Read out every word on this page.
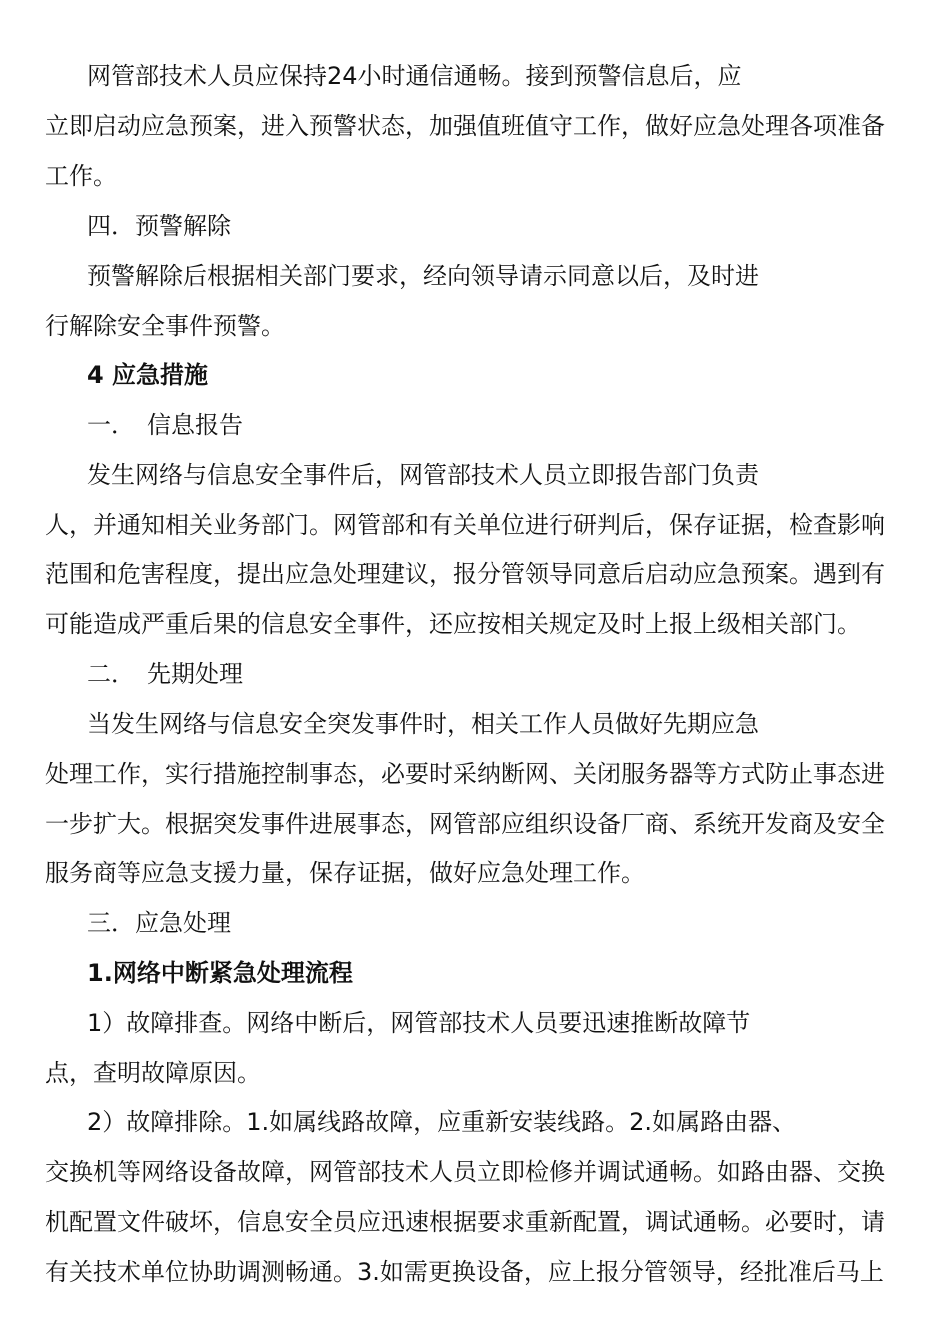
网管部技术人员应保持24小时通信通畅。接到预警信息后，应
立即启动应急预案，进入预警状态，加强值班值守工作，做好应急处理各项准备
工作。
四．预警解除
预警解除后根据相关部门要求，经向领导请示同意以后，及时进
行解除安全事件预警。
4 应急措施
一．　信息报告
发生网络与信息安全事件后，网管部技术人员立即报告部门负责
人，并通知相关业务部门。网管部和有关单位进行研判后，保存证据，检查影响
范围和危害程度，提出应急处理建议，报分管领导同意后启动应急预案。遇到有
可能造成严重后果的信息安全事件，还应按相关规定及时上报上级相关部门。
二．　先期处理
当发生网络与信息安全突发事件时，相关工作人员做好先期应急
处理工作，实行措施控制事态，必要时采纳断网、关闭服务器等方式防止事态进
一步扩大。根据突发事件进展事态，网管部应组织设备厂商、系统开发商及安全
服务商等应急支援力量，保存证据，做好应急处理工作。
三．应急处理
1.网络中断紧急处理流程
1）故障排查。网络中断后，网管部技术人员要迅速推断故障节
点，查明故障原因。
2）故障排除。1.如属线路故障，应重新安装线路。2.如属路由器、
交换机等网络设备故障，网管部技术人员立即检修并调试通畅。如路由器、交换
机配置文件破坏，信息安全员应迅速根据要求重新配置，调试通畅。必要时，请
有关技术单位协助调测畅通。3.如需更换设备，应上报分管领导，经批准后马上
